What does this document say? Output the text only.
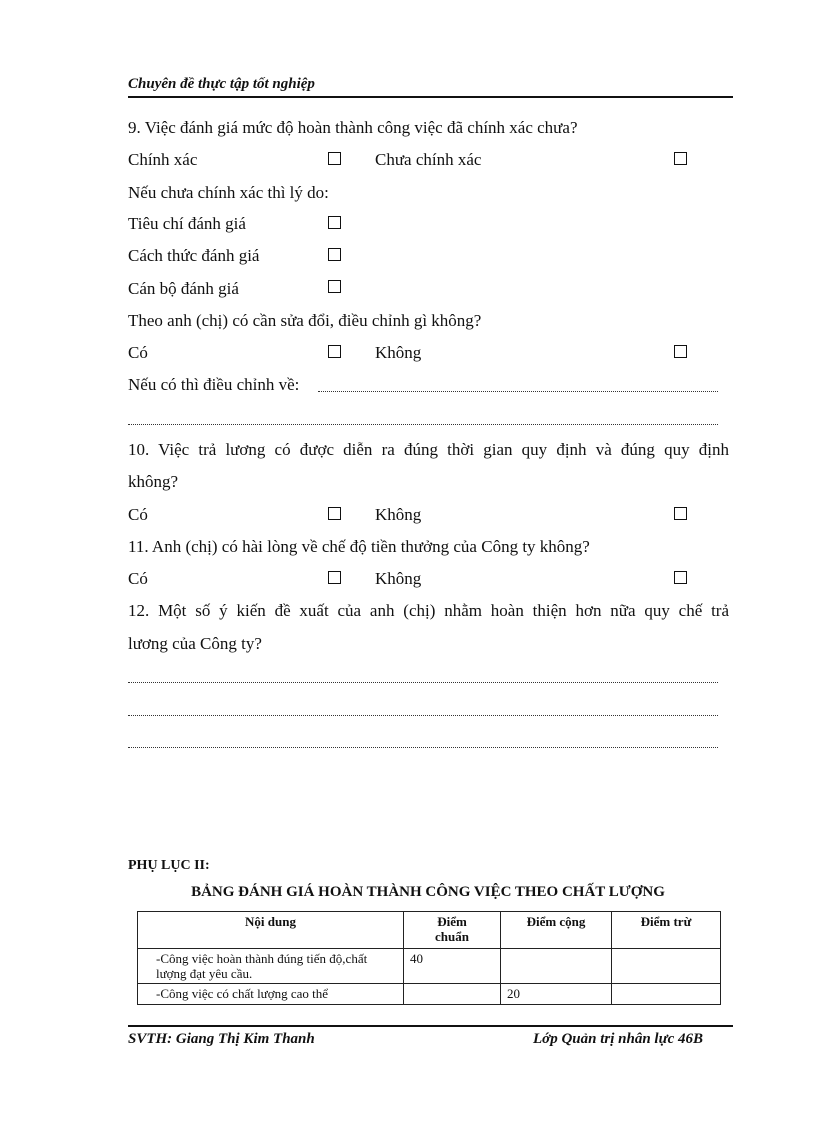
Chuyên đề thực tập tốt nghiệp
9. Việc đánh giá mức độ hoàn thành công việc đã chính xác chưa?
Chính xác	Chưa chính xác
Nếu chưa chính xác thì lý do:
Tiêu chí đánh giá
Cách thức đánh giá
Cán bộ đánh giá
Theo anh (chị) có cần sửa đổi, điều chỉnh gì không?
Có	Không
Nếu có thì điều chỉnh về:
10. Việc trả lương có được diễn ra đúng thời gian quy định và đúng quy định
không?
Có	Không
11. Anh (chị) có hài lòng về chế độ tiền thưởng của Công ty không?
Có	Không
12. Một số ý kiến đề xuất của anh (chị) nhằm hoàn thiện hơn nữa quy chế trả
lương của Công ty?
PHỤ LỤC II:
BẢNG ĐÁNH GIÁ HOÀN THÀNH CÔNG VIỆC THEO CHẤT LƯỢNG
Nội dung	Điểm chuẩn	Điểm cộng	Điểm trừ
-Công việc hoàn thành đúng tiến độ,chất lượng đạt yêu cầu.	40		
-Công việc có chất lượng cao thể		20	
SVTH: Giang Thị Kim Thanh	Lớp Quản trị nhân lực 46B
